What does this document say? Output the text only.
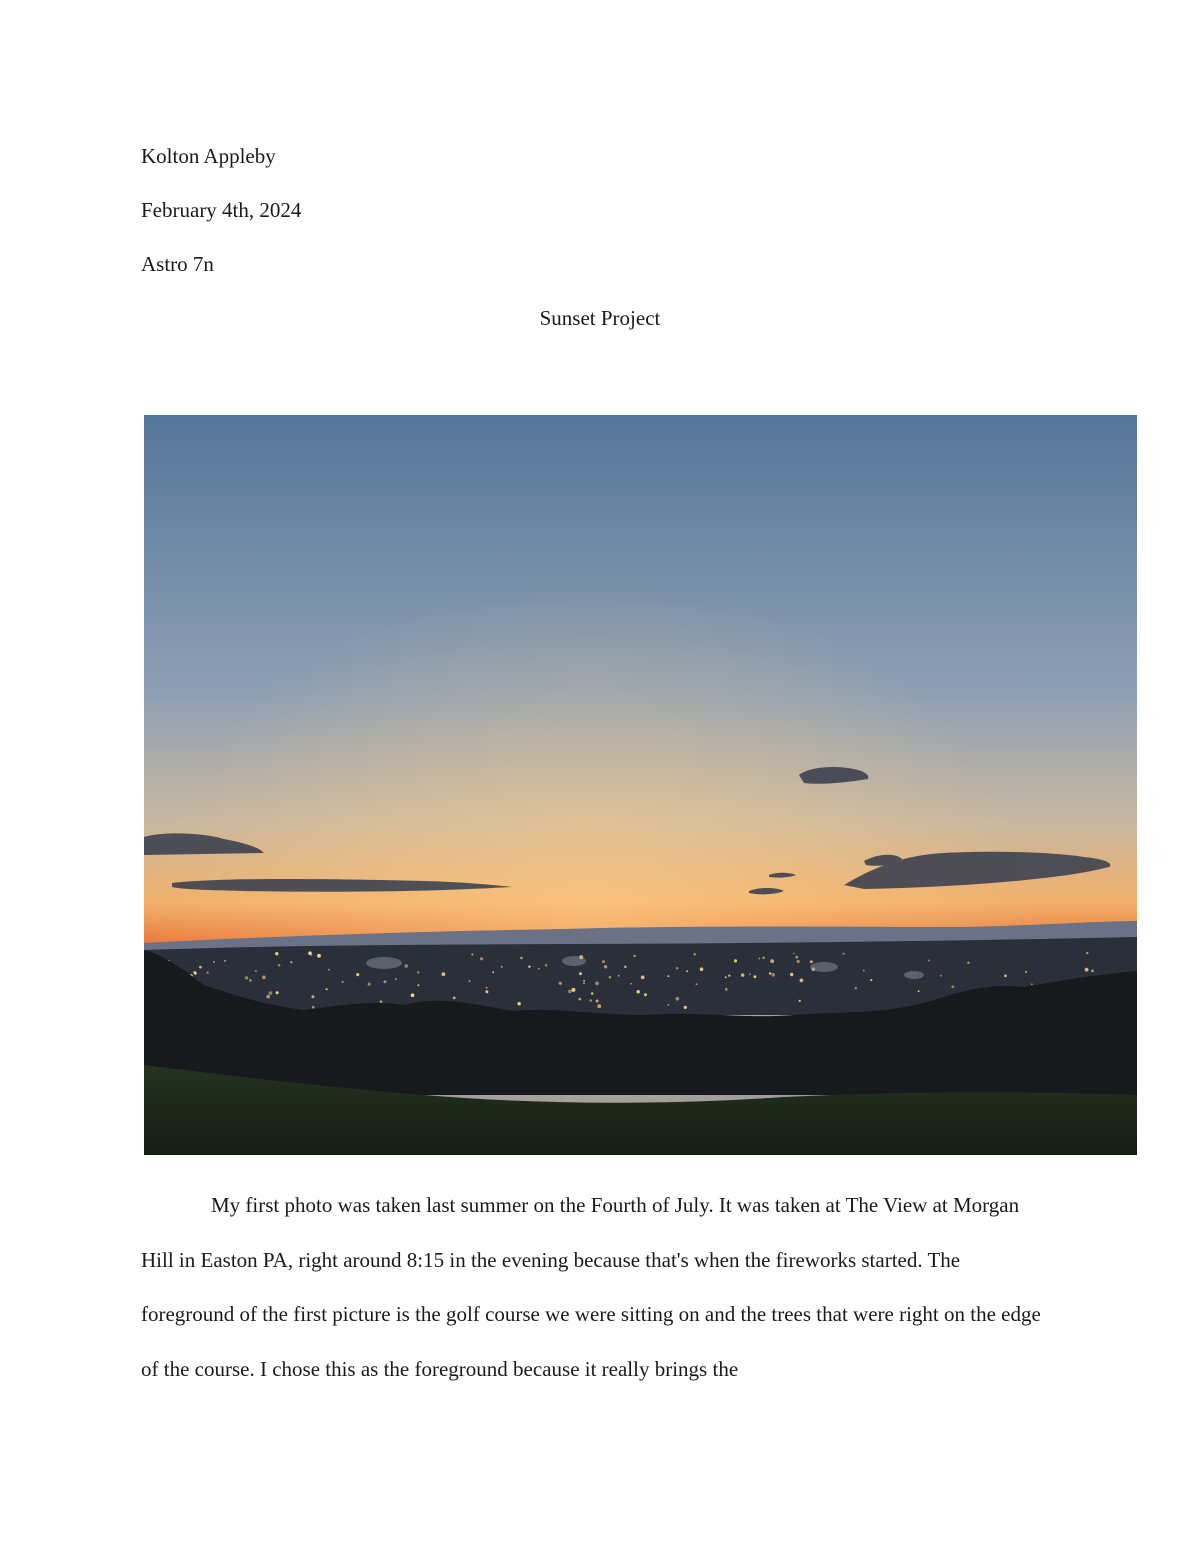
Kolton Appleby
February 4th, 2024
Astro 7n
Sunset Project

My first photo was taken last summer on the Fourth of July. It was taken at The View at Morgan Hill in Easton PA, right around 8:15 in the evening because that's when the fireworks started. The foreground of the first picture is the golf course we were sitting on and the trees that were right on the edge of the course. I chose this as the foreground because it really brings the
